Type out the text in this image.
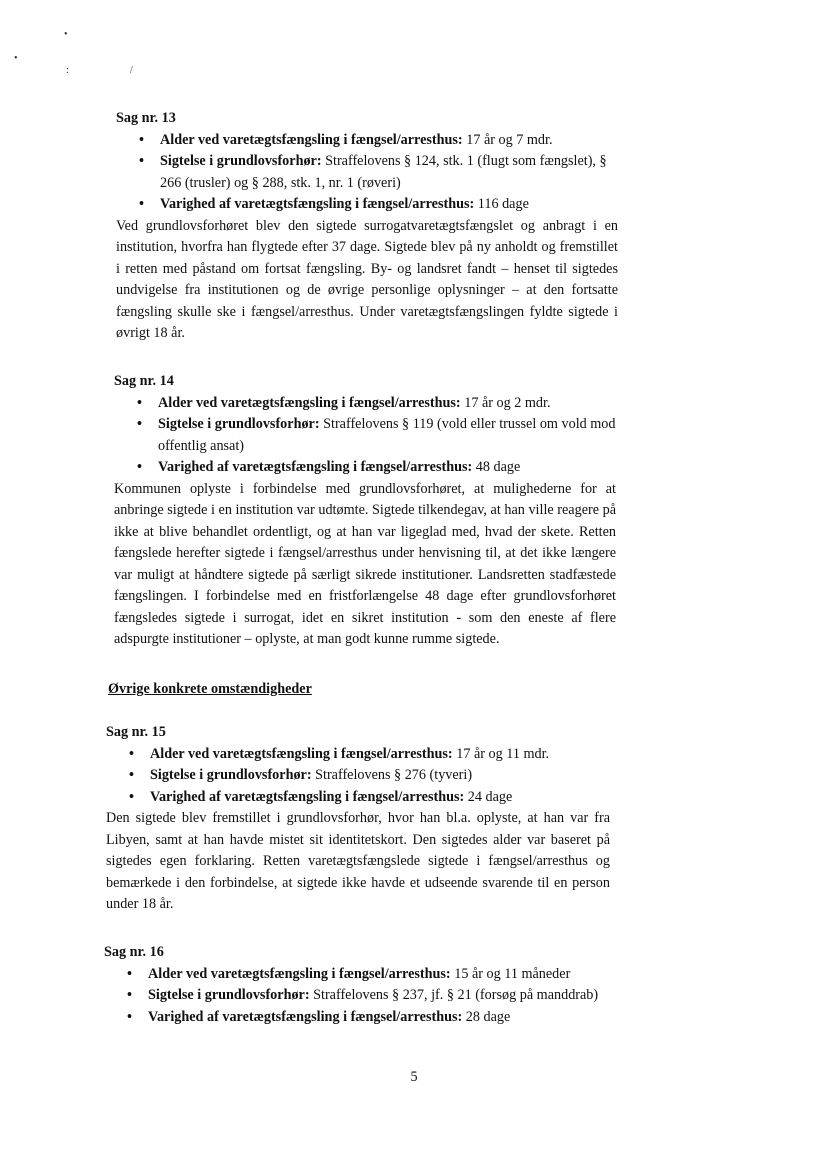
•
•
:	/

Sag nr. 13

• Alder ved varetægtsfængsling i fængsel/arresthus: 17 år og 7 mdr.
• Sigtelse i grundlovsforhør: Straffelovens § 124, stk. 1 (flugt som fængslet), § 266 (trusler) og § 288, stk. 1, nr. 1 (røveri)
• Varighed af varetægtsfængsling i fængsel/arresthus: 116 dage

Ved grundlovsforhøret blev den sigtede surrogatvaretægtsfængslet og anbragt i en institution, hvorfra han flygtede efter 37 dage. Sigtede blev på ny anholdt og fremstillet i retten med påstand om fortsat fængsling. By- og landsret fandt – henset til sigtedes undvigelse fra institutionen og de øvrige personlige oplysninger – at den fortsatte fængsling skulle ske i fængsel/arresthus. Under varetægtsfængslingen fyldte sigtede i øvrigt 18 år.

Sag nr. 14

• Alder ved varetægtsfængsling i fængsel/arresthus: 17 år og 2 mdr.
• Sigtelse i grundlovsforhør: Straffelovens § 119 (vold eller trussel om vold mod offentlig ansat)
• Varighed af varetægtsfængsling i fængsel/arresthus: 48 dage

Kommunen oplyste i forbindelse med grundlovsforhøret, at mulighederne for at anbringe sigtede i en institution var udtømte. Sigtede tilkendegav, at han ville reagere på ikke at blive behandlet ordentligt, og at han var ligeglad med, hvad der skete. Retten fængslede herefter sigtede i fængsel/arresthus under henvisning til, at det ikke længere var muligt at håndtere sigtede på særligt sikrede institutioner. Landsretten stadfæstede fængslingen. I forbindelse med en fristforlængelse 48 dage efter grundlovsforhøret fængsledes sigtede i surrogat, idet en sikret institution - som den eneste af flere adspurgte institutioner – oplyste, at man godt kunne rumme sigtede.

Øvrige konkrete omstændigheder

Sag nr. 15

• Alder ved varetægtsfængsling i fængsel/arresthus: 17 år og 11 mdr.
• Sigtelse i grundlovsforhør: Straffelovens § 276 (tyveri)
• Varighed af varetægtsfængsling i fængsel/arresthus: 24 dage

Den sigtede blev fremstillet i grundlovsforhør, hvor han bl.a. oplyste, at han var fra Libyen, samt at han havde mistet sit identitetskort. Den sigtedes alder var baseret på sigtedes egen forklaring. Retten varetægtsfængslede sigtede i fængsel/arresthus og bemærkede i den forbindelse, at sigtede ikke havde et udseende svarende til en person under 18 år.

Sag nr. 16

• Alder ved varetægtsfængsling i fængsel/arresthus: 15 år og 11 måneder
• Sigtelse i grundlovsforhør: Straffelovens § 237, jf. § 21 (forsøg på manddrab)
• Varighed af varetægtsfængsling i fængsel/arresthus: 28 dage
5
